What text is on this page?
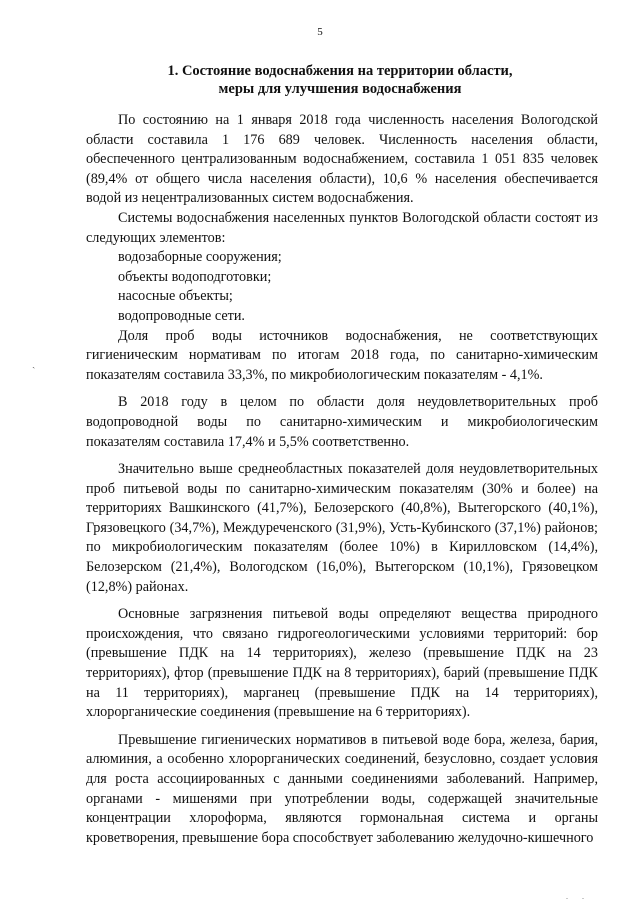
5
1. Состояние водоснабжения на территории области,
меры для улучшения водоснабжения
ˏ

По состоянию на 1 января 2018 года численность населения Вологодской области составила 1 176 689 человек. Численность населения области, обеспеченного централизованным водоснабжением, составила 1 051 835 человек (89,4% от общего числа населения области), 10,6 % населения обеспечивается водой из нецентрализованных систем водоснабжения.

Системы водоснабжения населенных пунктов Вологодской области состоят из следующих элементов:

водозаборные сооружения;

объекты водоподготовки;

насосные объекты;

водопроводные сети.

Доля проб воды источников водоснабжения, не соответствующих гигиеническим нормативам по итогам 2018 года, по санитарно-химическим показателям составила 33,3%, по микробиологическим показателям - 4,1%.

В 2018 году в целом по области доля неудовлетворительных проб водопроводной воды по санитарно-химическим и микробиологическим показателям составила 17,4% и 5,5% соответственно.

Значительно выше среднеобластных показателей доля неудовлетворительных проб питьевой воды по санитарно-химическим показателям (30% и более) на территориях Вашкинского (41,7%), Белозерского (40,8%), Вытегорского (40,1%), Грязовецкого (34,7%), Междуреченского (31,9%), Усть-Кубинского (37,1%) районов; по микробиологическим показателям (более 10%) в Кирилловском (14,4%), Белозерском (21,4%), Вологодском (16,0%), Вытегорском (10,1%), Грязовецком (12,8%) районах.

Основные загрязнения питьевой воды определяют вещества природного происхождения, что связано гидрогеологическими условиями территорий: бор (превышение ПДК на 14 территориях), железо (превышение ПДК на 23 территориях), фтор (превышение ПДК на 8 территориях), барий (превышение ПДК на 11 территориях), марганец (превышение ПДК на 14 территориях), хлорорганические соединения (превышение на 6 территориях).

Превышение гигиенических нормативов в питьевой воде бора, железа, бария, алюминия, а особенно хлорорганических соединений, безусловно, создает условия для роста ассоциированных с данными соединениями заболеваний. Например, органами - мишенями при употреблении воды, содержащей значительные концентрации хлороформа, являются гормональная система и органы кроветворения, превышение бора способствует заболеванию желудочно-кишечного

. .
